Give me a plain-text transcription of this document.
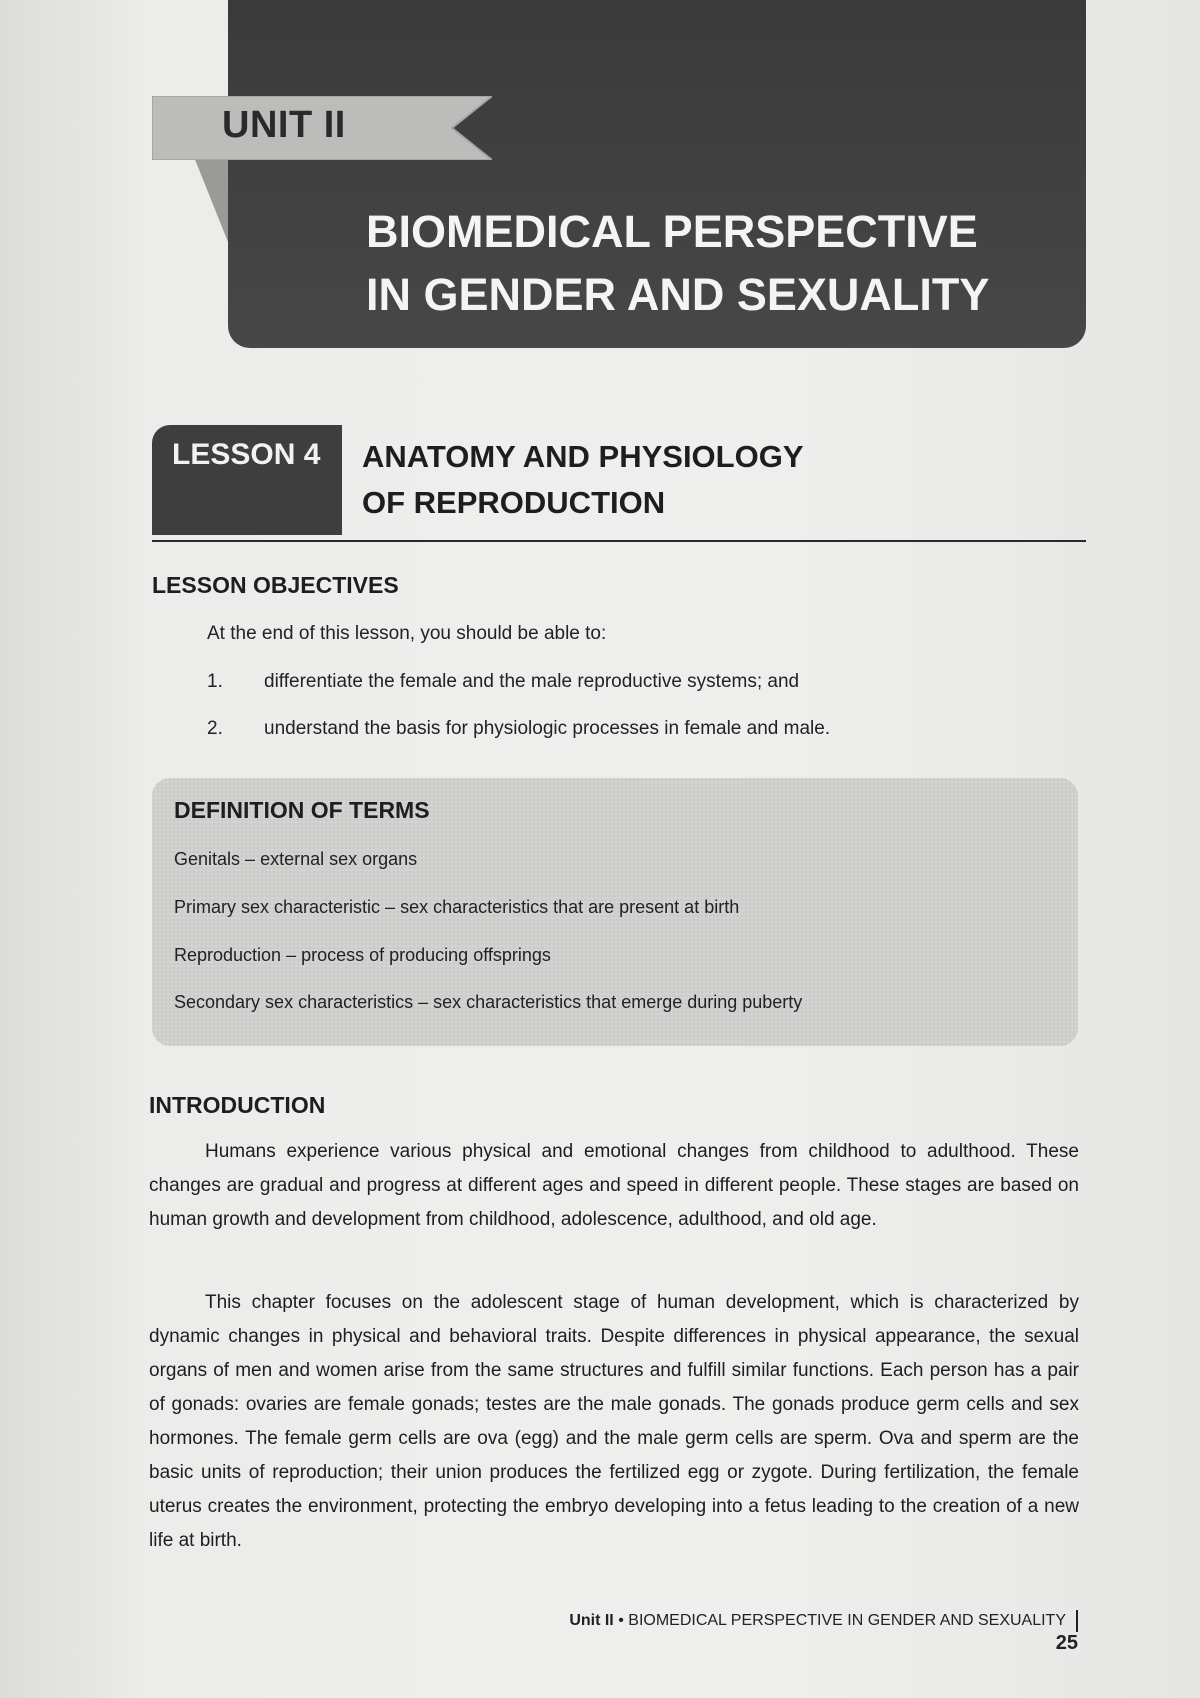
UNIT II
BIOMEDICAL PERSPECTIVE
IN GENDER AND SEXUALITY
LESSON 4 ANATOMY AND PHYSIOLOGY
OF REPRODUCTION
LESSON OBJECTIVES
At the end of this lesson, you should be able to:
1. differentiate the female and the male reproductive systems; and
2. understand the basis for physiologic processes in female and male.
DEFINITION OF TERMS
Genitals – external sex organs
Primary sex characteristic – sex characteristics that are present at birth
Reproduction – process of producing offsprings
Secondary sex characteristics – sex characteristics that emerge during puberty
INTRODUCTION

Humans experience various physical and emotional changes from childhood to adulthood. These changes are gradual and progress at different ages and speed in different people. These stages are based on human growth and development from childhood, adolescence, adulthood, and old age.

This chapter focuses on the adolescent stage of human development, which is characterized by dynamic changes in physical and behavioral traits. Despite differences in physical appearance, the sexual organs of men and women arise from the same structures and fulfill similar functions. Each person has a pair of gonads: ovaries are female gonads; testes are the male gonads. The gonads produce germ cells and sex hormones. The female germ cells are ova (egg) and the male germ cells are sperm. Ova and sperm are the basic units of reproduction; their union produces the fertilized egg or zygote. During fertilization, the female uterus creates the environment, protecting the embryo developing into a fetus leading to the creation of a new life at birth.

Unit II • BIOMEDICAL PERSPECTIVE IN GENDER AND SEXUALITY 25
